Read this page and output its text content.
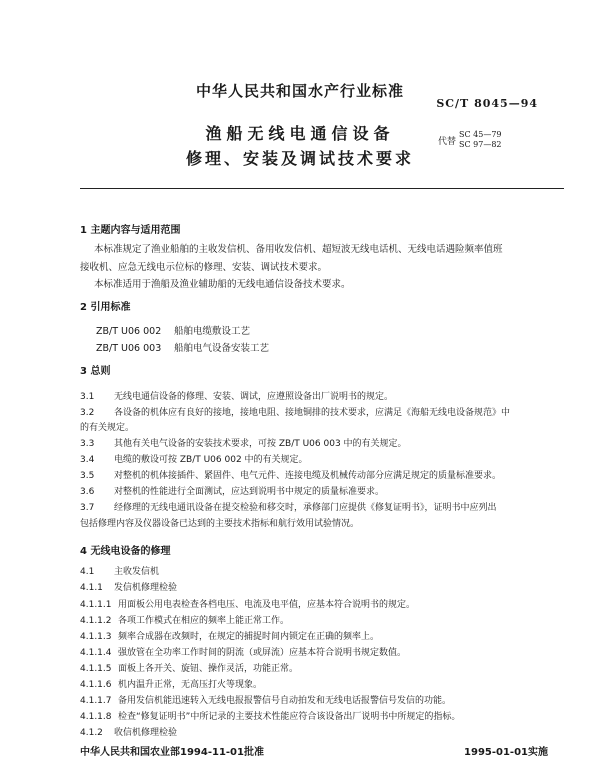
中华人民共和国水产行业标准
SC/T 8045—94
渔船无线电通信设备
修理、安装及调试技术要求
代替
SC 45—79
SC 97—82
1 主题内容与适用范围
本标准规定了渔业船舶的主收发信机、备用收发信机、超短波无线电话机、无线电话遇险频率值班
接收机、应急无线电示位标的修理、安装、调试技术要求。
本标准适用于渔船及渔业辅助船的无线电通信设备技术要求。
2 引用标准
ZB/T U06 002 船舶电缆敷设工艺
ZB/T U06 003 船舶电气设备安装工艺
3 总则
3.1 无线电通信设备的修理、安装、调试，应遵照设备出厂说明书的规定。
3.2 各设备的机体应有良好的接地，接地电阻、接地铜排的技术要求，应满足《海船无线电设备规范》中
的有关规定。
3.3 其他有关电气设备的安装技术要求，可按 ZB/T U06 003 中的有关规定。
3.4 电缆的敷设可按 ZB/T U06 002 中的有关规定。
3.5 对整机的机体接插件、紧固件、电气元件、连接电缆及机械传动部分应满足规定的质量标准要求。
3.6 对整机的性能进行全面测试，应达到说明书中规定的质量标准要求。
3.7 经修理的无线电通讯设备在提交检验和移交时，承修部门应提供《修复证明书》，证明书中应列出
包括修理内容及仪器设备已达到的主要技术指标和航行效用试验情况。
4 无线电设备的修理
4.1 主收发信机
4.1.1 发信机修理检验
4.1.1.1 用面板公用电表检查各档电压、电流及电平值，应基本符合说明书的规定。
4.1.1.2 各项工作模式在相应的频率上能正常工作。
4.1.1.3 频率合成器在改频时，在规定的捕捉时间内锁定在正确的频率上。
4.1.1.4 强放管在全功率工作时间的阴流（或屏流）应基本符合说明书规定数值。
4.1.1.5 面板上各开关、旋钮、操作灵活，功能正常。
4.1.1.6 机内温升正常，无高压打火等现象。
4.1.1.7 备用发信机能迅速转入无线电报报警信号自动拍发和无线电话报警信号发信的功能。
4.1.1.8 检查“修复证明书”中所记录的主要技术性能应符合该设备出厂说明书中所规定的指标。
4.1.2 收信机修理检验
中华人民共和国农业部1994-11-01批准	1995-01-01实施
